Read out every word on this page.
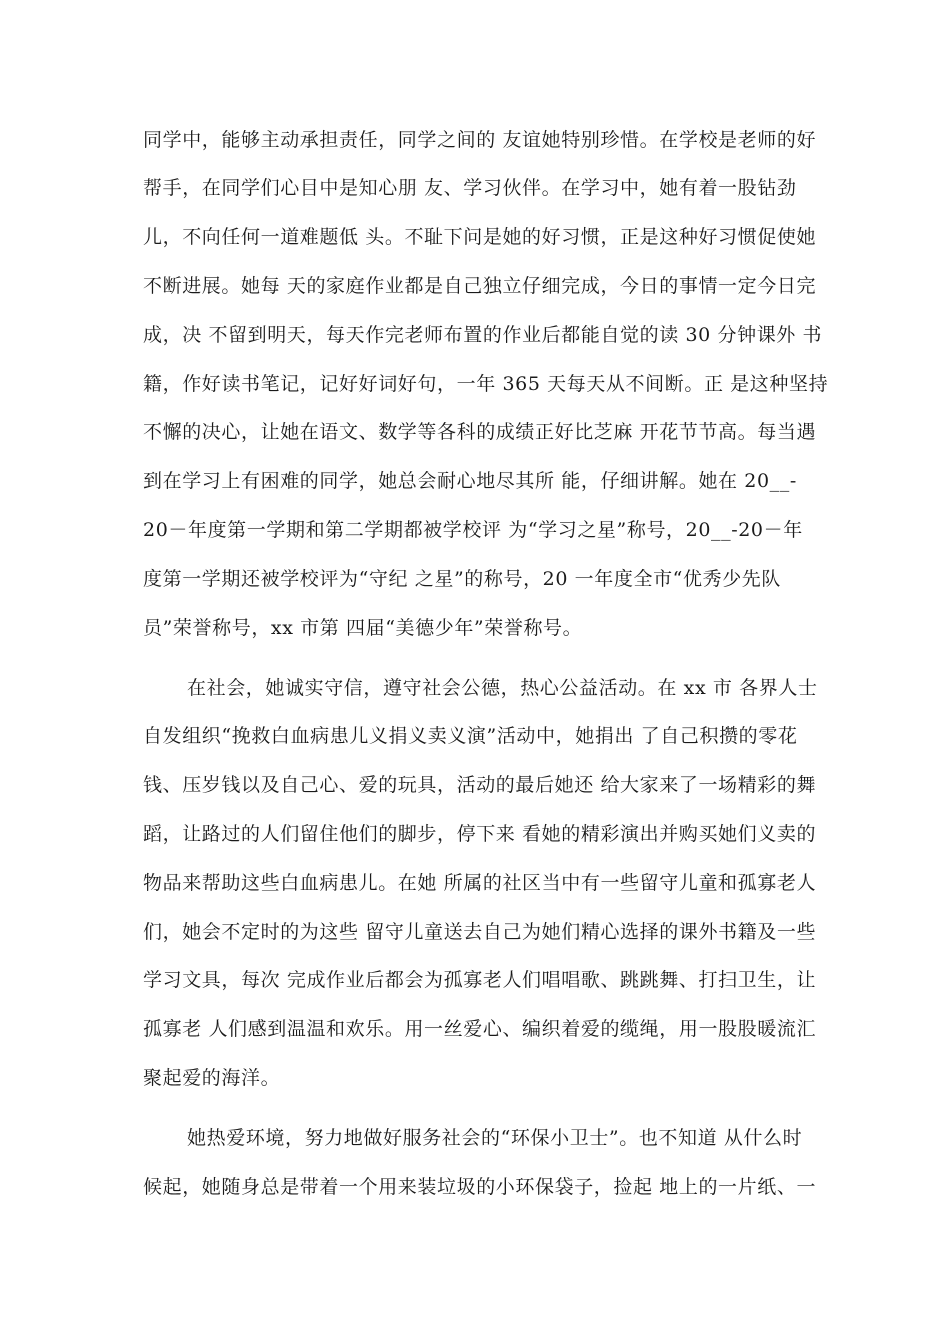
同学中，能够主动承担责任，同学之间的 友谊她特别珍惜。在学校是老师的好
帮手，在同学们心目中是知心朋 友、学习伙伴。在学习中，她有着一股钻劲
儿，不向任何一道难题低 头。不耻下问是她的好习惯，正是这种好习惯促使她
不断进展。她每 天的家庭作业都是自己独立仔细完成，今日的事情一定今日完
成，决 不留到明天，每天作完老师布置的作业后都能自觉的读 30 分钟课外 书
籍，作好读书笔记，记好好词好句，一年 365 天每天从不间断。正 是这种坚持
不懈的决心，让她在语文、数学等各科的成绩正好比芝麻 开花节节高。每当遇
到在学习上有困难的同学，她总会耐心地尽其所 能，仔细讲解。她在 20__-
20－年度第一学期和第二学期都被学校评 为“学习之星”称号，20__-20－年
度第一学期还被学校评为“守纪 之星”的称号，20 一年度全市“优秀少先队
员”荣誉称号，xx 市第 四届“美德少年”荣誉称号。
在社会，她诚实守信，遵守社会公德，热心公益活动。在 xx 市 各界人士
自发组织“挽救白血病患儿义捐义卖义演”活动中，她捐出 了自己积攒的零花
钱、压岁钱以及自己心、爱的玩具，活动的最后她还 给大家来了一场精彩的舞
蹈，让路过的人们留住他们的脚步，停下来 看她的精彩演出并购买她们义卖的
物品来帮助这些白血病患儿。在她 所属的社区当中有一些留守儿童和孤寡老人
们，她会不定时的为这些 留守儿童送去自己为她们精心选择的课外书籍及一些
学习文具，每次 完成作业后都会为孤寡老人们唱唱歌、跳跳舞、打扫卫生，让
孤寡老 人们感到温温和欢乐。用一丝爱心、编织着爱的缆绳，用一股股暖流汇
聚起爱的海洋。
她热爱环境，努力地做好服务社会的“环保小卫士”。也不知道 从什么时
候起，她随身总是带着一个用来装垃圾的小环保袋子，捡起 地上的一片纸、一
